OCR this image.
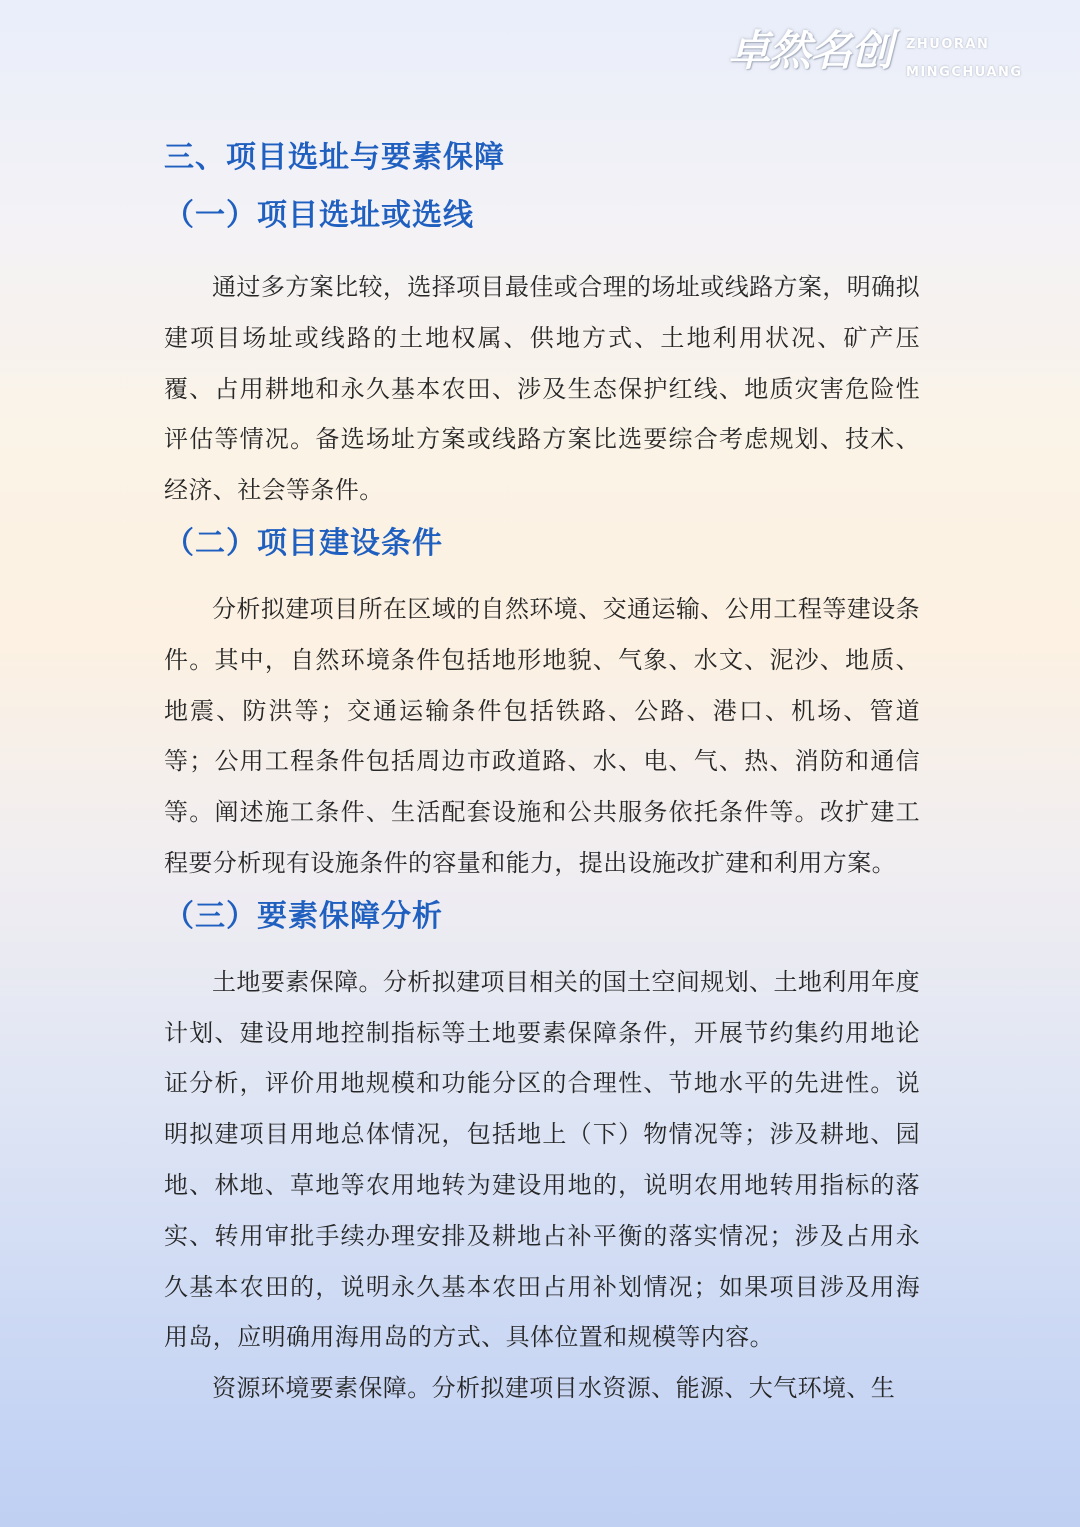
卓然名创 ZHUORAN
MINGCHUANG
三、项目选址与要素保障
（一）项目选址或选线

通过多方案比较，选择项目最佳或合理的场址或线路方案，明确拟建项目场址或线路的土地权属、供地方式、土地利用状况、矿产压覆、占用耕地和永久基本农田、涉及生态保护红线、地质灾害危险性评估等情况。备选场址方案或线路方案比选要综合考虑规划、技术、经济、社会等条件。

（二）项目建设条件

分析拟建项目所在区域的自然环境、交通运输、公用工程等建设条件。其中，自然环境条件包括地形地貌、气象、水文、泥沙、地质、地震、防洪等；交通运输条件包括铁路、公路、港口、机场、管道等；公用工程条件包括周边市政道路、水、电、气、热、消防和通信等。阐述施工条件、生活配套设施和公共服务依托条件等。改扩建工程要分析现有设施条件的容量和能力，提出设施改扩建和利用方案。

（三）要素保障分析

土地要素保障。分析拟建项目相关的国土空间规划、土地利用年度计划、建设用地控制指标等土地要素保障条件，开展节约集约用地论证分析，评价用地规模和功能分区的合理性、节地水平的先进性。说明拟建项目用地总体情况，包括地上（下）物情况等；涉及耕地、园地、林地、草地等农用地转为建设用地的，说明农用地转用指标的落实、转用审批手续办理安排及耕地占补平衡的落实情况；涉及占用永久基本农田的，说明永久基本农田占用补划情况；如果项目涉及用海用岛，应明确用海用岛的方式、具体位置和规模等内容。

资源环境要素保障。分析拟建项目水资源、能源、大气环境、生
